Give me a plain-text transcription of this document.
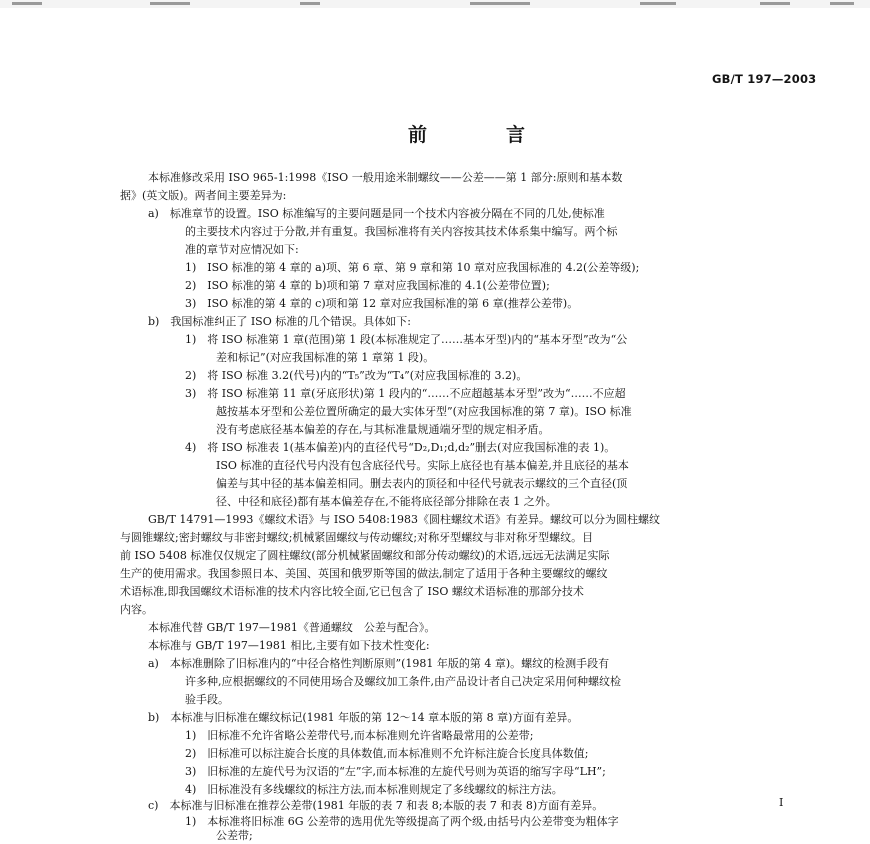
GB/T 197—2003
前　言
本标准修改采用 ISO 965-1:1998《ISO 一般用途米制螺纹——公差——第 1 部分:原则和基本数
据》(英文版)。两者间主要差异为:
a)　标准章节的设置。ISO 标准编写的主要问题是同一个技术内容被分隔在不同的几处,使标准
的主要技术内容过于分散,并有重复。我国标准将有关内容按其技术体系集中编写。两个标
准的章节对应情况如下:
1)　ISO 标准的第 4 章的 a)项、第 6 章、第 9 章和第 10 章对应我国标准的 4.2(公差等级);
2)　ISO 标准的第 4 章的 b)项和第 7 章对应我国标准的 4.1(公差带位置);
3)　ISO 标准的第 4 章的 c)项和第 12 章对应我国标准的第 6 章(推荐公差带)。
b)　我国标准纠正了 ISO 标准的几个错误。具体如下:
1)　将 ISO 标准第 1 章(范围)第 1 段(本标准规定了……基本牙型)内的“基本牙型”改为“公
差和标记”(对应我国标准的第 1 章第 1 段)。
2)　将 ISO 标准 3.2(代号)内的“T₅”改为“T₄”(对应我国标准的 3.2)。
3)　将 ISO 标准第 11 章(牙底形状)第 1 段内的“……不应超越基本牙型”改为“……不应超
越按基本牙型和公差位置所确定的最大实体牙型”(对应我国标准的第 7 章)。ISO 标准
没有考虑底径基本偏差的存在,与其标准量规通端牙型的规定相矛盾。
4)　将 ISO 标准表 1(基本偏差)内的直径代号“D₂,D₁;d,d₂”删去(对应我国标准的表 1)。
ISO 标准的直径代号内没有包含底径代号。实际上底径也有基本偏差,并且底径的基本
偏差与其中径的基本偏差相同。删去表内的顶径和中径代号就表示螺纹的三个直径(顶
径、中径和底径)都有基本偏差存在,不能将底径部分排除在表 1 之外。
GB/T 14791—1993《螺纹术语》与 ISO 5408:1983《圆柱螺纹术语》有差异。螺纹可以分为圆柱螺纹
与圆锥螺纹;密封螺纹与非密封螺纹;机械紧固螺纹与传动螺纹;对称牙型螺纹与非对称牙型螺纹。目
前 ISO 5408 标准仅仅规定了圆柱螺纹(部分机械紧固螺纹和部分传动螺纹)的术语,远远无法满足实际
生产的使用需求。我国参照日本、美国、英国和俄罗斯等国的做法,制定了适用于各种主要螺纹的螺纹
术语标准,即我国螺纹术语标准的技术内容比较全面,它已包含了 ISO 螺纹术语标准的那部分技术
内容。
本标准代替 GB/T 197—1981《普通螺纹　公差与配合》。
本标准与 GB/T 197—1981 相比,主要有如下技术性变化:
a)　本标准删除了旧标准内的“中径合格性判断原则”(1981 年版的第 4 章)。螺纹的检测手段有
许多种,应根据螺纹的不同使用场合及螺纹加工条件,由产品设计者自己决定采用何种螺纹检
验手段。
b)　本标准与旧标准在螺纹标记(1981 年版的第 12～14 章本版的第 8 章)方面有差异。
1)　旧标准不允许省略公差带代号,而本标准则允许省略最常用的公差带;
2)　旧标准可以标注旋合长度的具体数值,而本标准则不允许标注旋合长度具体数值;
3)　旧标准的左旋代号为汉语的“左”字,而本标准的左旋代号则为英语的缩写字母“LH”;
4)　旧标准没有多线螺纹的标注方法,而本标准则规定了多线螺纹的标注方法。
c)　本标准与旧标准在推荐公差带(1981 年版的表 7 和表 8;本版的表 7 和表 8)方面有差异。
1)　本标准将旧标准 6G 公差带的选用优先等级提高了两个级,由括号内公差带变为粗体字
公差带;
I
